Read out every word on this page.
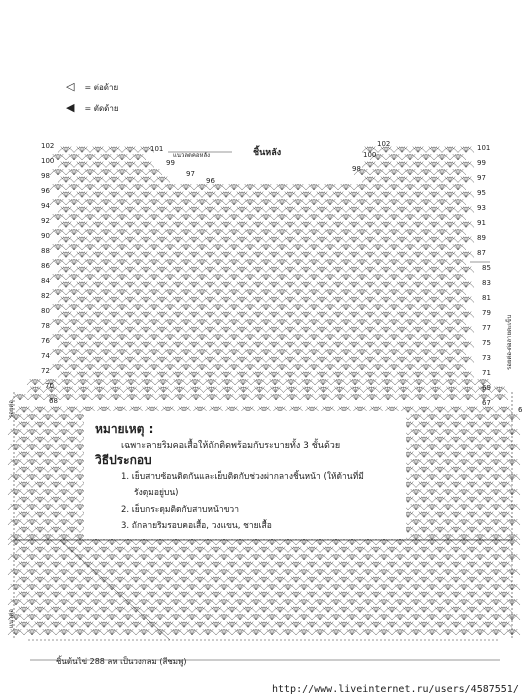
◁ = ต่อด้าย
◀ = ตัดด้าย
ชิ้นหลัง
แนวลดคอหลัง
102
100
98
96
94
92
90
88
86
84
82
80
78
76
74
72
70
68
101
99
97
95
93
91
89
87
85
83
81
79
77
75
73
71
69
67
101
99
97
96
102
100
98
6
รอยต่อ-ต่อลายตะเข็บ
รอยต่อ
แนวต่อ
หมายเหตุ :
เฉพาะลายริมคอเสื้อให้ถักติดพร้อมกับระบายทั้ง 3 ชั้นด้วย
วิธีประกอบ
1. เย็บสาบซ้อนติดกันและเย็บติดกับช่วงผ่ากลางชิ้นหน้า (ให้ด้านที่มี
รังดุมอยู่บน)
2. เย็บกระดุมติดกับสาบหน้าขวา
3. ถักลายริมรอบคอเสื้อ, วงแขน, ชายเสื้อ
ชิ้นต้นไข่ 288 ลห เป็นวงกลม (สีชมพู)
http://www.liveinternet.ru/users/4587551/
